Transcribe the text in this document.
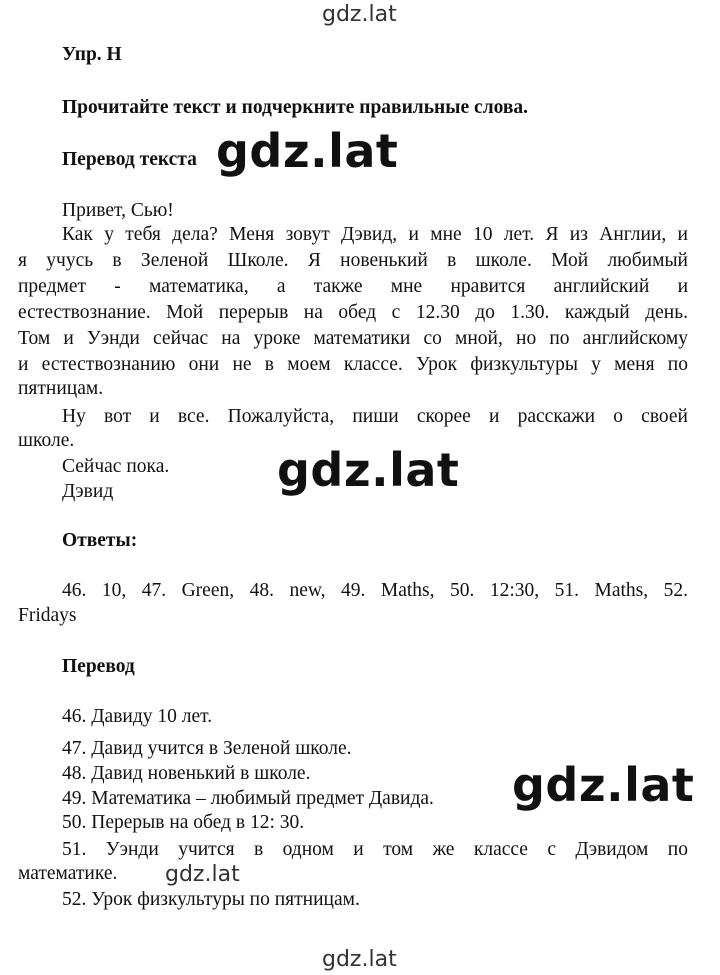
gdz.lat
Упр. H
Прочитайте текст и подчеркните правильные слова.
Перевод текста
Привет, Сью!
Как у тебя дела? Меня зовут Дэвид, и мне 10 лет. Я из Англии, и
я учусь в Зеленой Школе. Я новенький в школе. Мой любимый
предмет - математика, а также мне нравится английский и
естествознание. Мой перерыв на обед с 12.30 до 1.30. каждый день.
Том и Уэнди сейчас на уроке математики со мной, но по английскому
и естествознанию они не в моем классе. Урок физкультуры у меня по
пятницам.
Ну вот и все. Пожалуйста, пиши скорее и расскажи о своей
школе.
Сейчас пока.
Дэвид
Ответы:
46. 10, 47. Green, 48. new, 49. Maths, 50. 12:30, 51. Maths, 52.
Fridays
Перевод
46. Давиду 10 лет.
47. Давид учится в Зеленой школе.
48. Давид новенький в школе.
49. Математика – любимый предмет Давида.
50. Перерыв на обед в 12: 30.
51. Уэнди учится в одном и том же классе с Дэвидом по
математике.
52. Урок физкультуры по пятницам.
gdz.lat
gdz.lat
gdz.lat
gdz.lat
gdz.lat
